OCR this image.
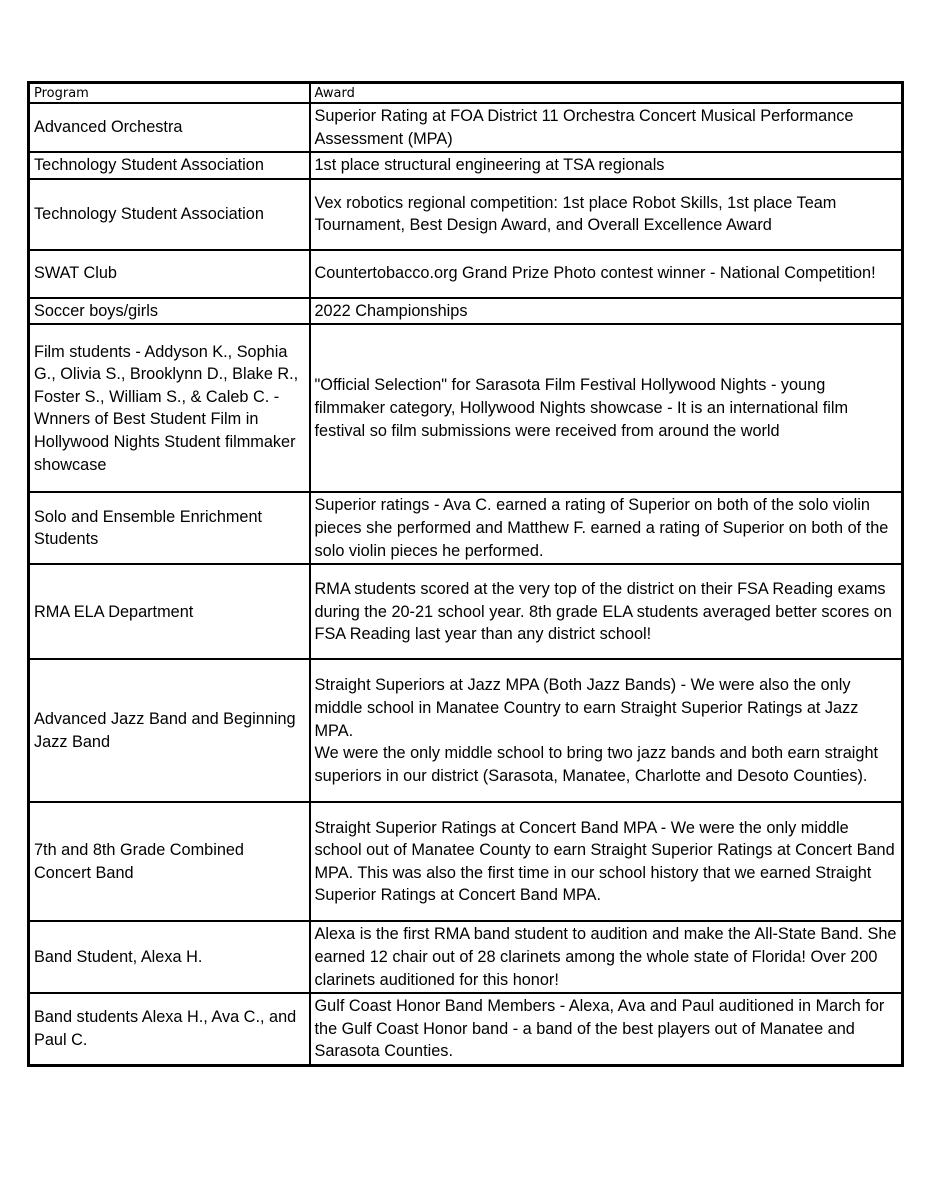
Program	Award
Advanced Orchestra	Superior Rating at FOA District 11 Orchestra Concert Musical Performance Assessment (MPA)
Technology Student Association	1st place structural engineering at TSA regionals
Technology Student Association	Vex robotics regional competition: 1st place Robot Skills, 1st place Team Tournament, Best Design Award, and Overall Excellence Award
SWAT Club	Countertobacco.org Grand Prize Photo contest winner - National Competition!
Soccer boys/girls	2022 Championships
Film students - Addyson K., Sophia G., Olivia S., Brooklynn D., Blake R., Foster S., William S., & Caleb C. - Wnners of Best Student Film in Hollywood Nights Student filmmaker showcase	"Official Selection" for Sarasota Film Festival Hollywood Nights - young filmmaker category, Hollywood Nights showcase - It is an international film festival so film submissions were received from around the world
Solo and Ensemble Enrichment Students	Superior ratings - Ava C. earned a rating of Superior on both of the solo violin pieces she performed and Matthew F. earned a rating of Superior on both of the solo violin pieces he performed.
RMA ELA Department	RMA students scored at the very top of the district on their FSA Reading exams during the 20-21 school year. 8th grade ELA students averaged better scores on FSA Reading last year than any district school!
Advanced Jazz Band and Beginning Jazz Band	Straight Superiors at Jazz MPA (Both Jazz Bands) - We were also the only middle school in Manatee Country to earn Straight Superior Ratings at Jazz MPA.
We were the only middle school to bring two jazz bands and both earn straight superiors in our district (Sarasota, Manatee, Charlotte and Desoto Counties).
7th and 8th Grade Combined Concert Band	Straight Superior Ratings at Concert Band MPA - We were the only middle school out of Manatee County to earn Straight Superior Ratings at Concert Band MPA. This was also the first time in our school history that we earned Straight Superior Ratings at Concert Band MPA.
Band Student, Alexa H.	Alexa is the first RMA band student to audition and make the All-State Band. She earned 12 chair out of 28 clarinets among the whole state of Florida! Over 200 clarinets auditioned for this honor!
Band students Alexa H., Ava C., and Paul C.	Gulf Coast Honor Band Members - Alexa, Ava and Paul auditioned in March for the Gulf Coast Honor band - a band of the best players out of Manatee and Sarasota Counties.
